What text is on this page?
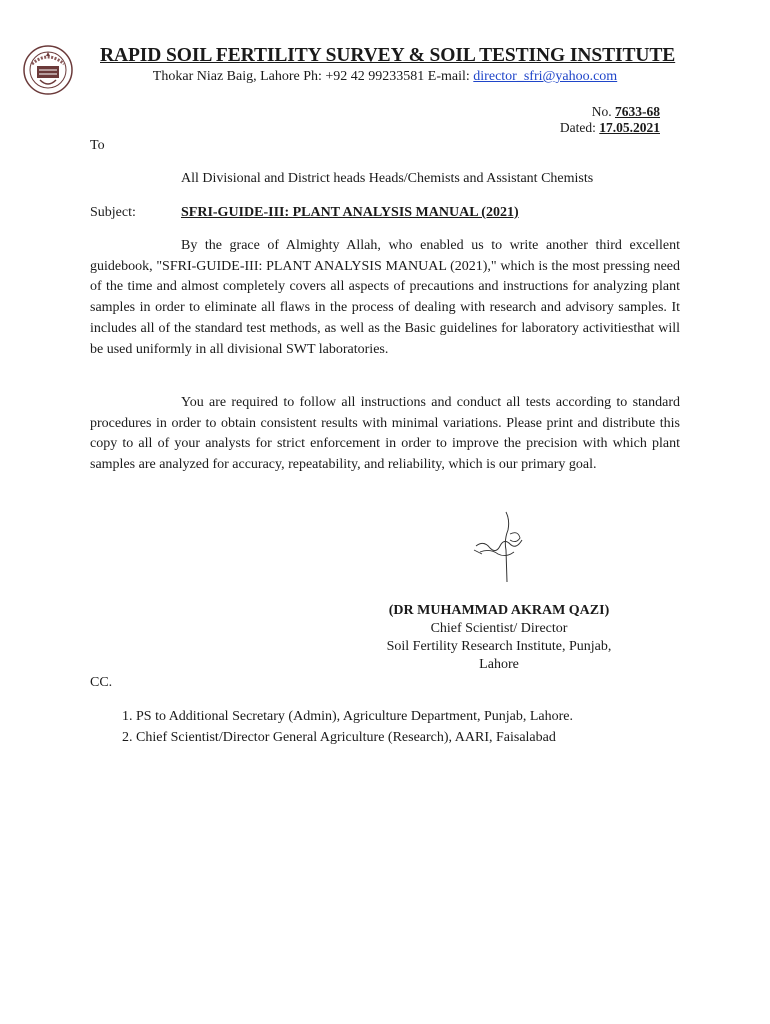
RAPID SOIL FERTILITY SURVEY & SOIL TESTING INSTITUTE
Thokar Niaz Baig, Lahore Ph: +92 42 99233581 E-mail: director_sfri@yahoo.com
No. 7633-68
Dated: 17.05.2021
To
All Divisional and District heads Heads/Chemists and Assistant Chemists
Subject:	SFRI-GUIDE-III: PLANT ANALYSIS MANUAL (2021)

By the grace of Almighty Allah, who enabled us to write another third excellent guidebook, "SFRI-GUIDE-III: PLANT ANALYSIS MANUAL (2021)," which is the most pressing need of the time and almost completely covers all aspects of precautions and instructions for analyzing plant samples in order to eliminate all flaws in the process of dealing with research and advisory samples. It includes all of the standard test methods, as well as the Basic guidelines for laboratory activitiesthat will be used uniformly in all divisional SWT laboratories.

You are required to follow all instructions and conduct all tests according to standard procedures in order to obtain consistent results with minimal variations. Please print and distribute this copy to all of your analysts for strict enforcement in order to improve the precision with which plant samples are analyzed for accuracy, repeatability, and reliability, which is our primary goal.

(DR MUHAMMAD AKRAM QAZI)
Chief Scientist/ Director
Soil Fertility Research Institute, Punjab,
Lahore
CC.
1. PS to Additional Secretary (Admin), Agriculture Department, Punjab, Lahore.
2. Chief Scientist/Director General Agriculture (Research), AARI, Faisalabad
